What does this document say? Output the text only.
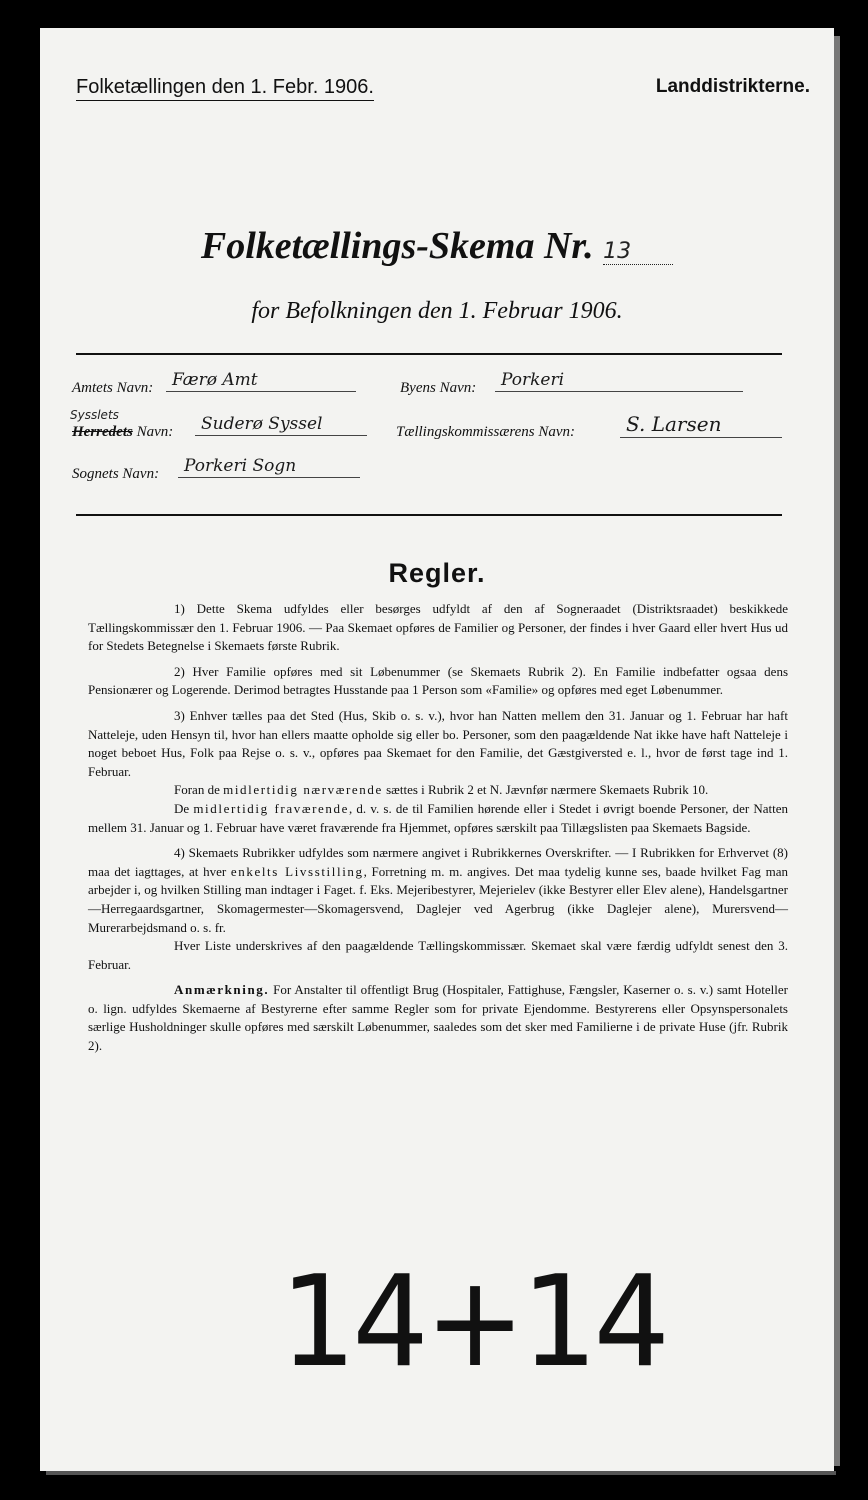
Folketællingen den 1. Febr. 1906.	Landdistrikterne.
Folketællings-Skema Nr. 13
for Befolkningen den 1. Februar 1906.
Amtets Navn:	Færø Amt	Byens Navn:	Porkeri
Sysslets
Herredets Navn:	Suderø Syssel	Tællingskommissærens Navn:	S. Larsen
Sognets Navn:	Porkeri Sogn
Regler.

1) Dette Skema udfyldes eller besørges udfyldt af den af Sogneraadet (Distriktsraadet) beskikkede Tællingskommissær den 1. Februar 1906. — Paa Skemaet opføres de Familier og Personer, der findes i hver Gaard eller hvert Hus ud for Stedets Betegnelse i Skemaets første Rubrik.

2) Hver Familie opføres med sit Løbenummer (se Skemaets Rubrik 2). En Familie indbefatter ogsaa dens Pensionærer og Logerende. Derimod betragtes Husstande paa 1 Person som «Familie» og opføres med eget Løbenummer.

3) Enhver tælles paa det Sted (Hus, Skib o. s. v.), hvor han Natten mellem den 31. Januar og 1. Februar har haft Natteleje, uden Hensyn til, hvor han ellers maatte opholde sig eller bo. Personer, som den paagældende Nat ikke have haft Natteleje i noget beboet Hus, Folk paa Rejse o. s. v., opføres paa Skemaet for den Familie, det Gæstgiversted e. l., hvor de først tage ind 1. Februar.

Foran de midlertidig nærværende sættes i Rubrik 2 et N. Jævnfør nærmere Skemaets Rubrik 10.

De midlertidig fraværende, d. v. s. de til Familien hørende eller i Stedet i øvrigt boende Personer, der Natten mellem 31. Januar og 1. Februar have været fraværende fra Hjemmet, opføres særskilt paa Tillægslisten paa Skemaets Bagside.

4) Skemaets Rubrikker udfyldes som nærmere angivet i Rubrikkernes Overskrifter. — I Rubrikken for Erhvervet (8) maa det iagttages, at hver enkelts Livsstilling, Forretning m. m. angives. Det maa tydelig kunne ses, baade hvilket Fag man arbejder i, og hvilken Stilling man indtager i Faget. f. Eks. Mejeribestyrer, Mejerielev (ikke Bestyrer eller Elev alene), Handelsgartner—Herregaardsgartner, Skomagermester—Skomagersvend, Daglejer ved Agerbrug (ikke Daglejer alene), Murersvend—Murerarbejdsmand o. s. fr.

Hver Liste underskrives af den paagældende Tællingskommissær. Skemaet skal være færdig udfyldt senest den 3. Februar.

Anmærkning. For Anstalter til offentligt Brug (Hospitaler, Fattighuse, Fængsler, Kaserner o. s. v.) samt Hoteller o. lign. udfyldes Skemaerne af Bestyrerne efter samme Regler som for private Ejendomme. Bestyrerens eller Opsynspersonalets særlige Husholdninger skulle opføres med særskilt Løbenummer, saaledes som det sker med Familierne i de private Huse (jfr. Rubrik 2).

14+14
